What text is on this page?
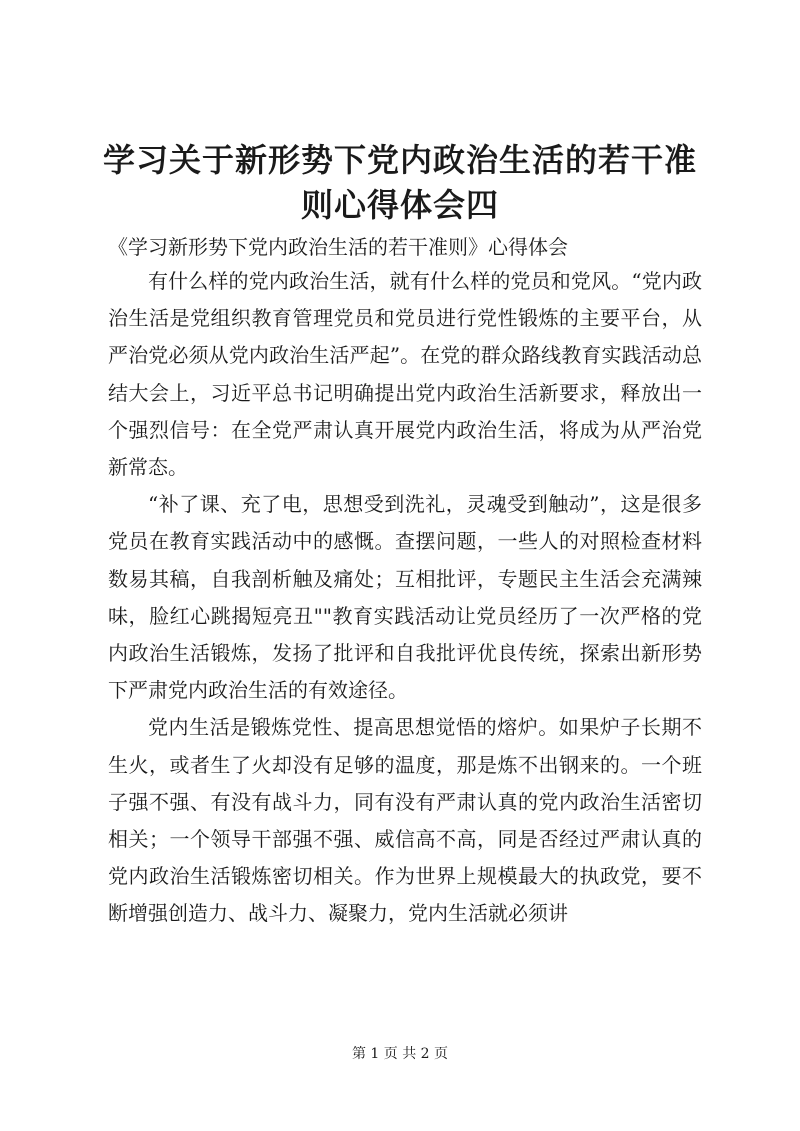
学习关于新形势下党内政治生活的若干准则心得体会四
《学习新形势下党内政治生活的若干准则》心得体会

有什么样的党内政治生活，就有什么样的党员和党风。“党内政治生活是党组织教育管理党员和党员进行党性锻炼的主要平台，从严治党必须从党内政治生活严起”。在党的群众路线教育实践活动总结大会上，习近平总书记明确提出党内政治生活新要求，释放出一个强烈信号：在全党严肃认真开展党内政治生活，将成为从严治党新常态。

“补了课、充了电，思想受到洗礼，灵魂受到触动”，这是很多党员在教育实践活动中的感慨。查摆问题，一些人的对照检查材料数易其稿，自我剖析触及痛处；互相批评，专题民主生活会充满辣味，脸红心跳揭短亮丑""教育实践活动让党员经历了一次严格的党内政治生活锻炼，发扬了批评和自我批评优良传统，探索出新形势下严肃党内政治生活的有效途径。

党内生活是锻炼党性、提高思想觉悟的熔炉。如果炉子长期不生火，或者生了火却没有足够的温度，那是炼不出钢来的。一个班子强不强、有没有战斗力，同有没有严肃认真的党内政治生活密切相关；一个领导干部强不强、威信高不高，同是否经过严肃认真的党内政治生活锻炼密切相关。作为世界上规模最大的执政党，要不断增强创造力、战斗力、凝聚力，党内生活就必须讲

第 1 页 共 2 页
